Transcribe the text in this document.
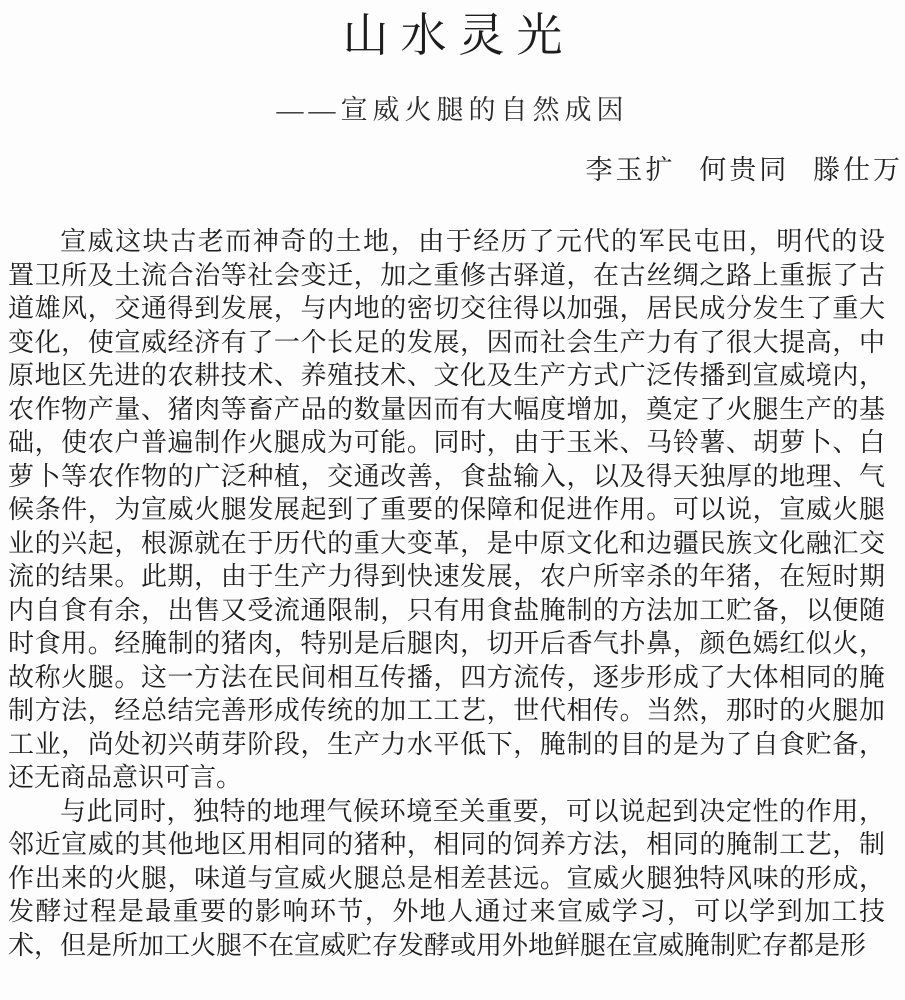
山水灵光
——宣威火腿的自然成因
李玉扩 何贵同 滕仕万
宣威这块古老而神奇的土地，由于经历了元代的军民屯田，明代的设
置卫所及土流合治等社会变迁，加之重修古驿道，在古丝绸之路上重振了古
道雄风，交通得到发展，与内地的密切交往得以加强，居民成分发生了重大
变化，使宣威经济有了一个长足的发展，因而社会生产力有了很大提高，中
原地区先进的农耕技术、养殖技术、文化及生产方式广泛传播到宣威境内，
农作物产量、猪肉等畜产品的数量因而有大幅度增加，奠定了火腿生产的基
础，使农户普遍制作火腿成为可能。同时，由于玉米、马铃薯、胡萝卜、白
萝卜等农作物的广泛种植，交通改善，食盐输入，以及得天独厚的地理、气
候条件，为宣威火腿发展起到了重要的保障和促进作用。可以说，宣威火腿
业的兴起，根源就在于历代的重大变革，是中原文化和边疆民族文化融汇交
流的结果。此期，由于生产力得到快速发展，农户所宰杀的年猪，在短时期
内自食有余，出售又受流通限制，只有用食盐腌制的方法加工贮备，以便随
时食用。经腌制的猪肉，特别是后腿肉，切开后香气扑鼻，颜色嫣红似火，
故称火腿。这一方法在民间相互传播，四方流传，逐步形成了大体相同的腌
制方法，经总结完善形成传统的加工工艺，世代相传。当然，那时的火腿加
工业，尚处初兴萌芽阶段，生产力水平低下，腌制的目的是为了自食贮备，
还无商品意识可言。
与此同时，独特的地理气候环境至关重要，可以说起到决定性的作用，
邻近宣威的其他地区用相同的猪种，相同的饲养方法，相同的腌制工艺，制
作出来的火腿，味道与宣威火腿总是相差甚远。宣威火腿独特风味的形成，
发酵过程是最重要的影响环节，外地人通过来宣威学习，可以学到加工技
术，但是所加工火腿不在宣威贮存发酵或用外地鲜腿在宣威腌制贮存都是形
